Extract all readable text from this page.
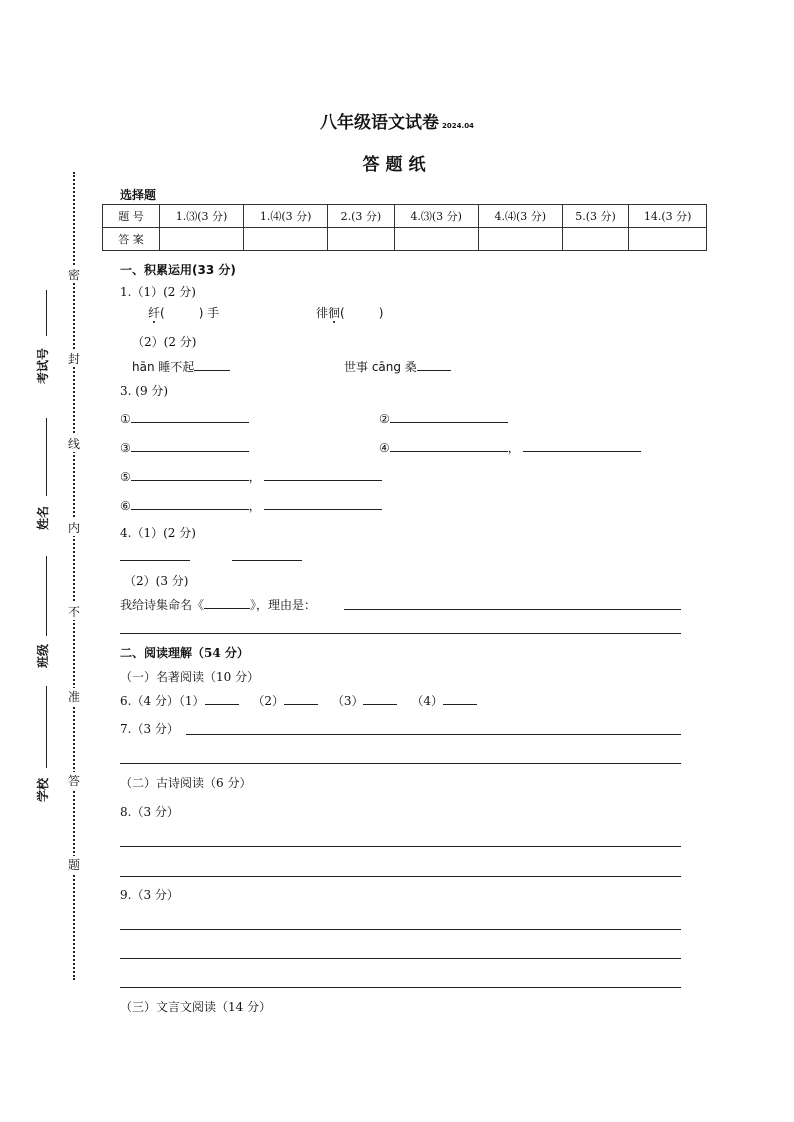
八年级语文试卷 2024.04
答题纸
密
封
线
内
不
准
答
题
考试号
姓名
班级
学校
选择题
题 号	1.⑶(3 分)	1.⑷(3 分)	2.(3 分)	4.⑶(3 分)	4.⑷(3 分)	5.(3 分)	14.(3 分)
答 案							
一、积累运用(33 分)
1.（1）(2 分)
纤(	) 手	徘徊(	)
（2）(2 分)
hān 睡不起	世事 cāng 桑
3. (9 分)
①	②
③	④	，
⑤	，
⑥	，
4.（1）(2 分)
（2）(3 分)
我给诗集命名《	》，理由是：
二、阅读理解（54 分）
（一）名著阅读（10 分）
6.（4 分）（1）	（2）	（3）	（4）
7.（3 分）
（二）古诗阅读（6 分）
8.（3 分）
9.（3 分）
（三）文言文阅读（14 分）
